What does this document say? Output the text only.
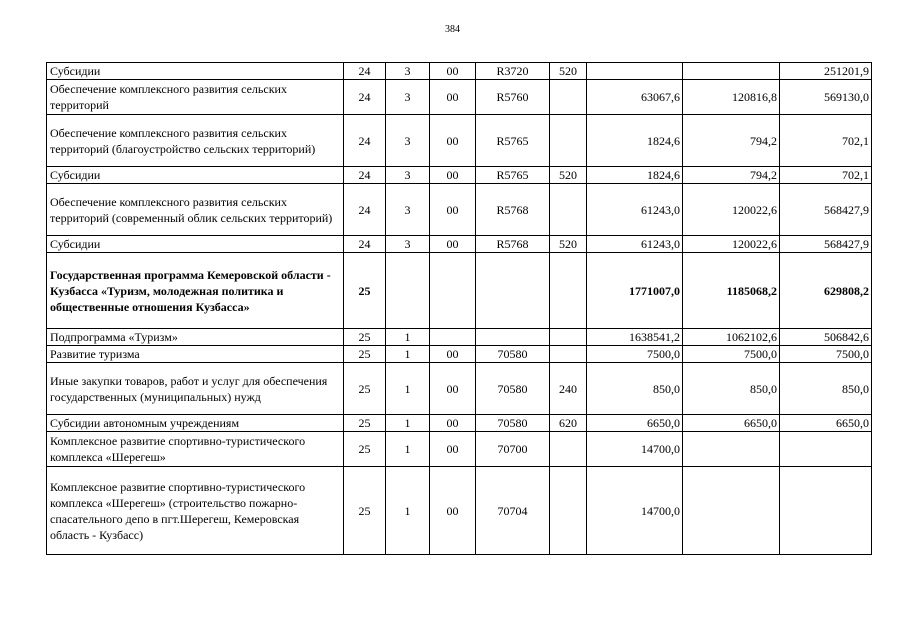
384
Субсидии	24	3	00	R3720	520			251201,9
Обеспечение комплексного развития сельских территорий	24	3	00	R5760		63067,6	120816,8	569130,0
Обеспечение комплексного развития сельских территорий (благоустройство сельских территорий)	24	3	00	R5765		1824,6	794,2	702,1
Субсидии	24	3	00	R5765	520	1824,6	794,2	702,1
Обеспечение комплексного развития сельских территорий (современный облик сельских территорий)	24	3	00	R5768		61243,0	120022,6	568427,9
Субсидии	24	3	00	R5768	520	61243,0	120022,6	568427,9
Государственная программа Кемеровской области - Кузбасса «Туризм, молодежная политика и общественные отношения Кузбасса»	25					1771007,0	1185068,2	629808,2
Подпрограмма «Туризм»	25	1				1638541,2	1062102,6	506842,6
Развитие туризма	25	1	00	70580		7500,0	7500,0	7500,0
Иные закупки товаров, работ и услуг для обеспечения государственных (муниципальных) нужд	25	1	00	70580	240	850,0	850,0	850,0
Субсидии автономным учреждениям	25	1	00	70580	620	6650,0	6650,0	6650,0
Комплексное развитие спортивно-туристического комплекса «Шерегеш»	25	1	00	70700		14700,0		
Комплексное развитие спортивно-туристического комплекса «Шерегеш» (строительство пожарно-спасательного депо в пгт.Шерегеш, Кемеровская область - Кузбасс)	25	1	00	70704		14700,0		
